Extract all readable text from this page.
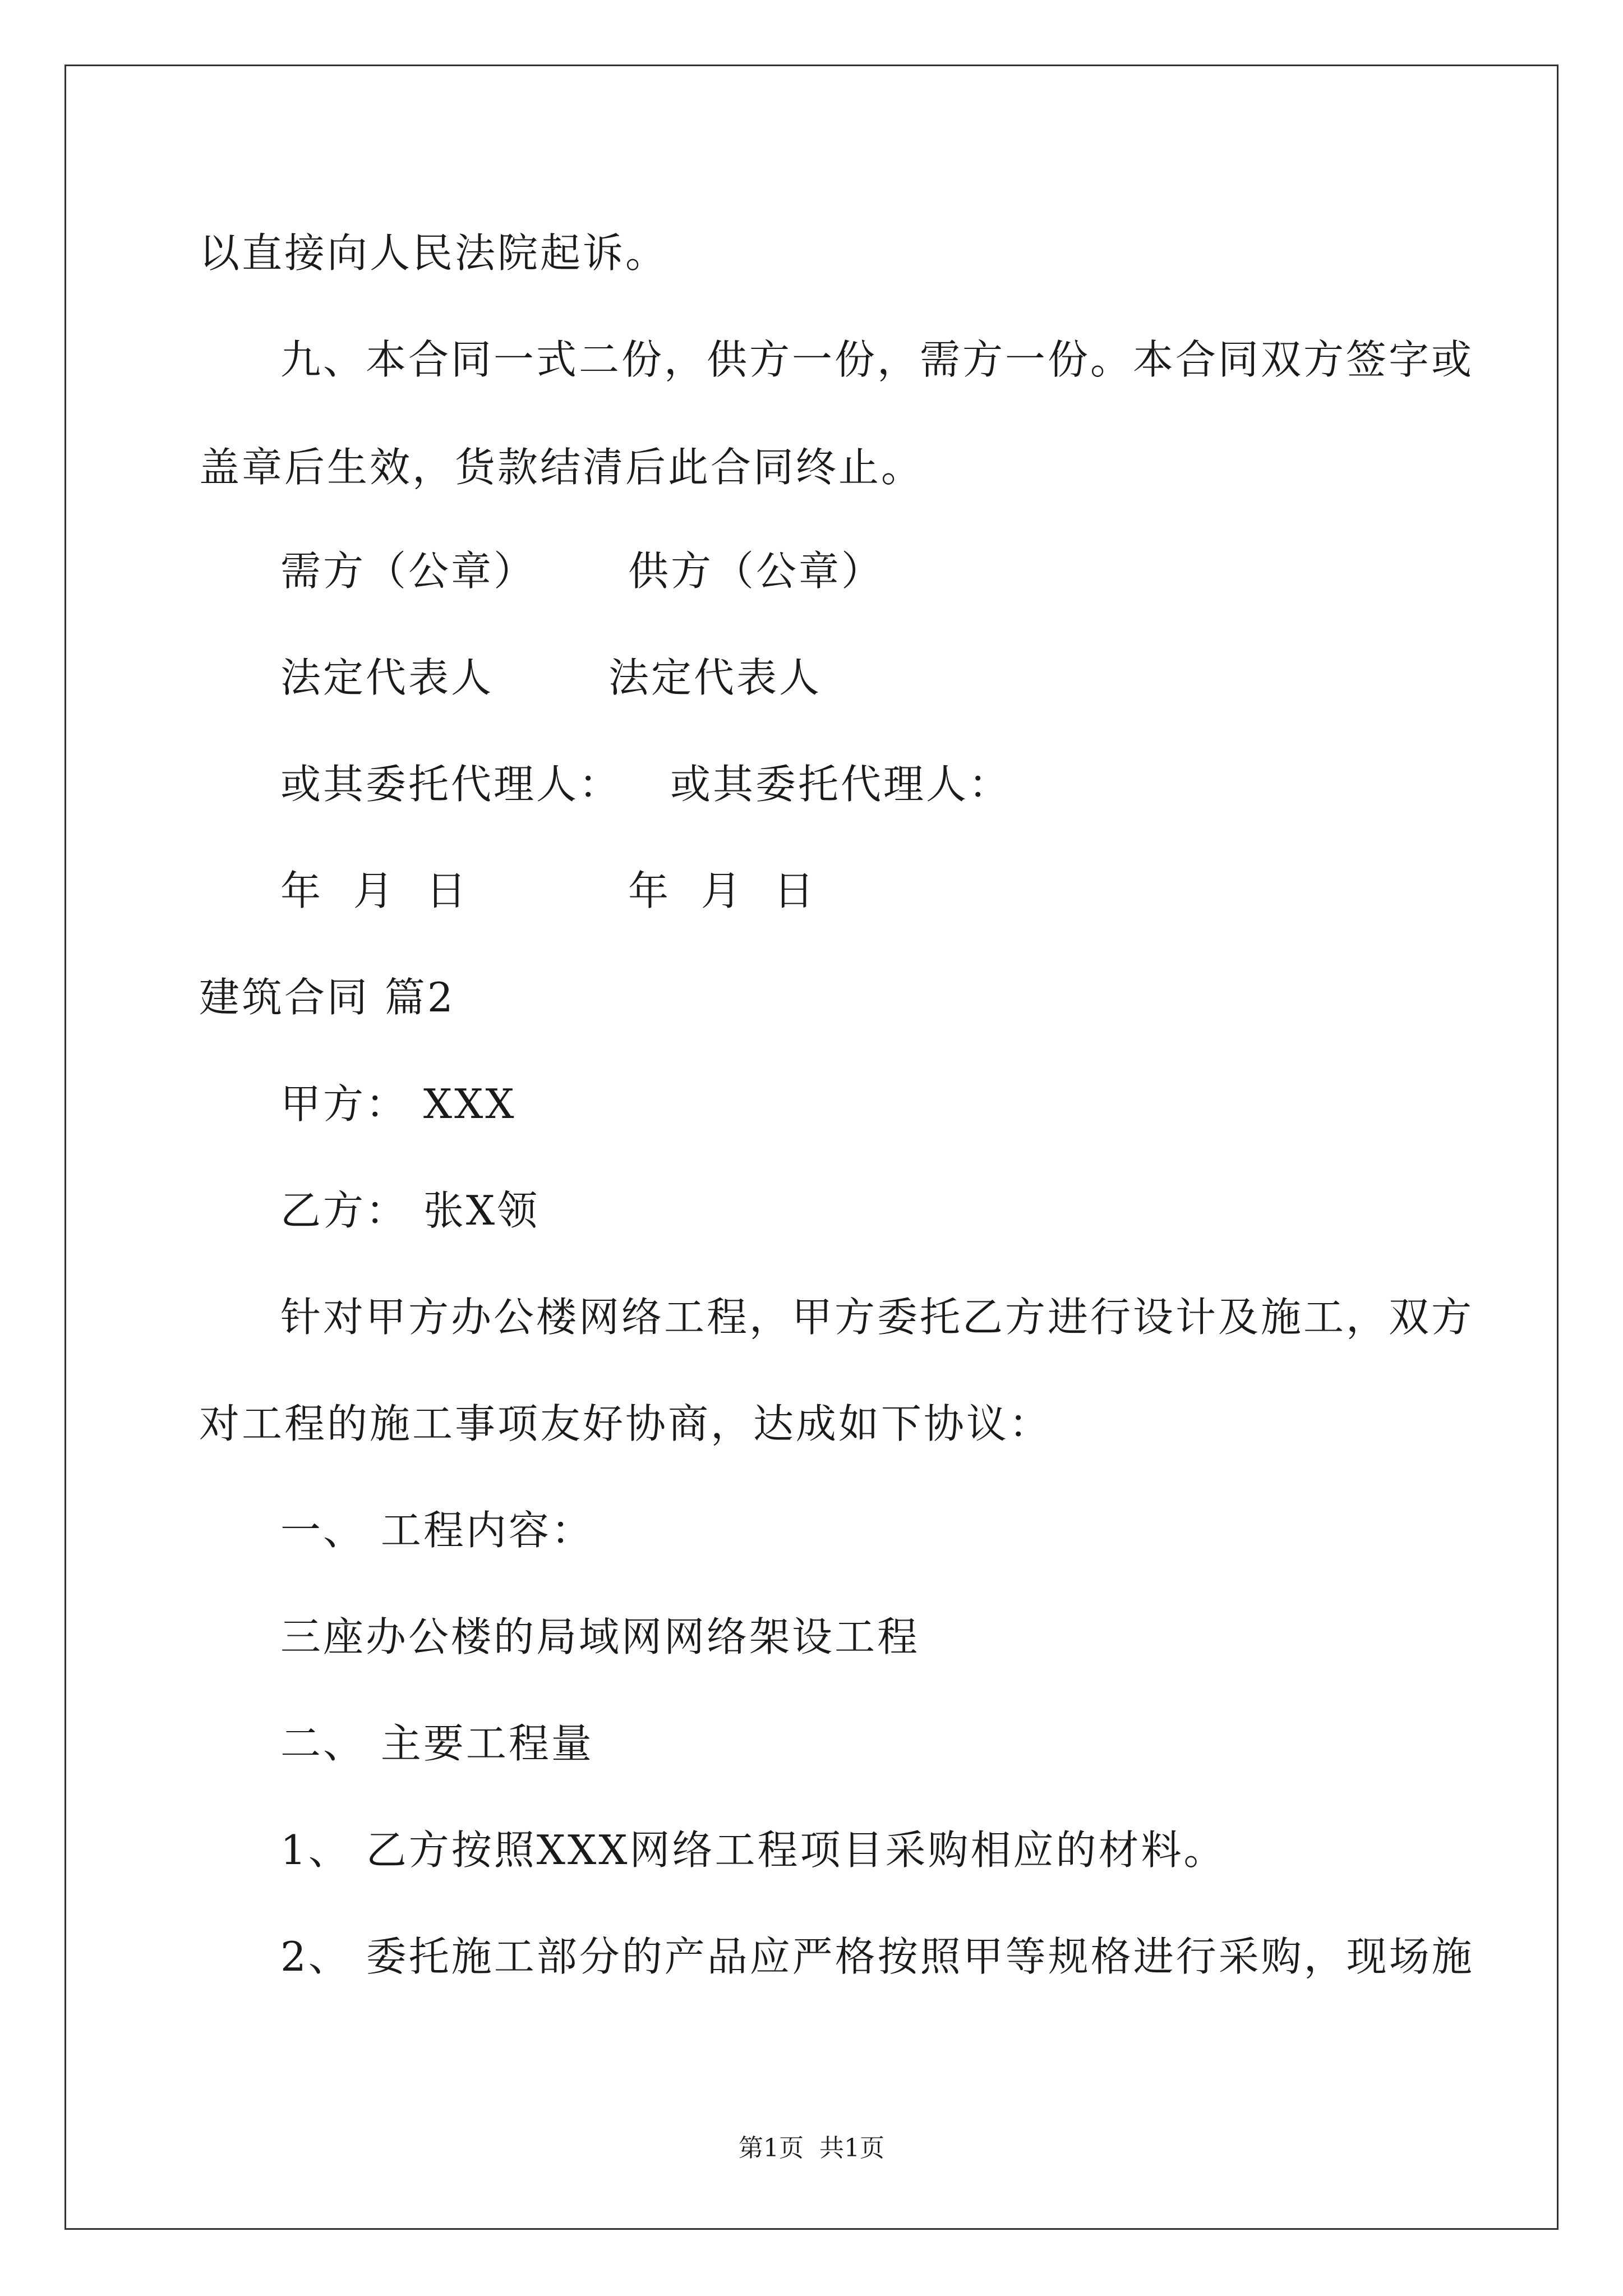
以直接向人民法院起诉。
九、本合同一式二份，供方一份，需方一份。本合同双方签字或
盖章后生效，货款结清后此合同终止。
需方（公章） 供方（公章）
法定代表人	法定代表人
或其委托代理人： 或其委托代理人：
年  月  日	年  月  日
建筑合同 篇2
甲方： XXX
乙方： 张X领
针对甲方办公楼网络工程，甲方委托乙方进行设计及施工，双方
对工程的施工事项友好协商，达成如下协议：
一、 工程内容：
三座办公楼的局域网网络架设工程
二、 主要工程量
1、 乙方按照XXX网络工程项目采购相应的材料。
2、 委托施工部分的产品应严格按照甲等规格进行采购，现场施
第1页  共1页
